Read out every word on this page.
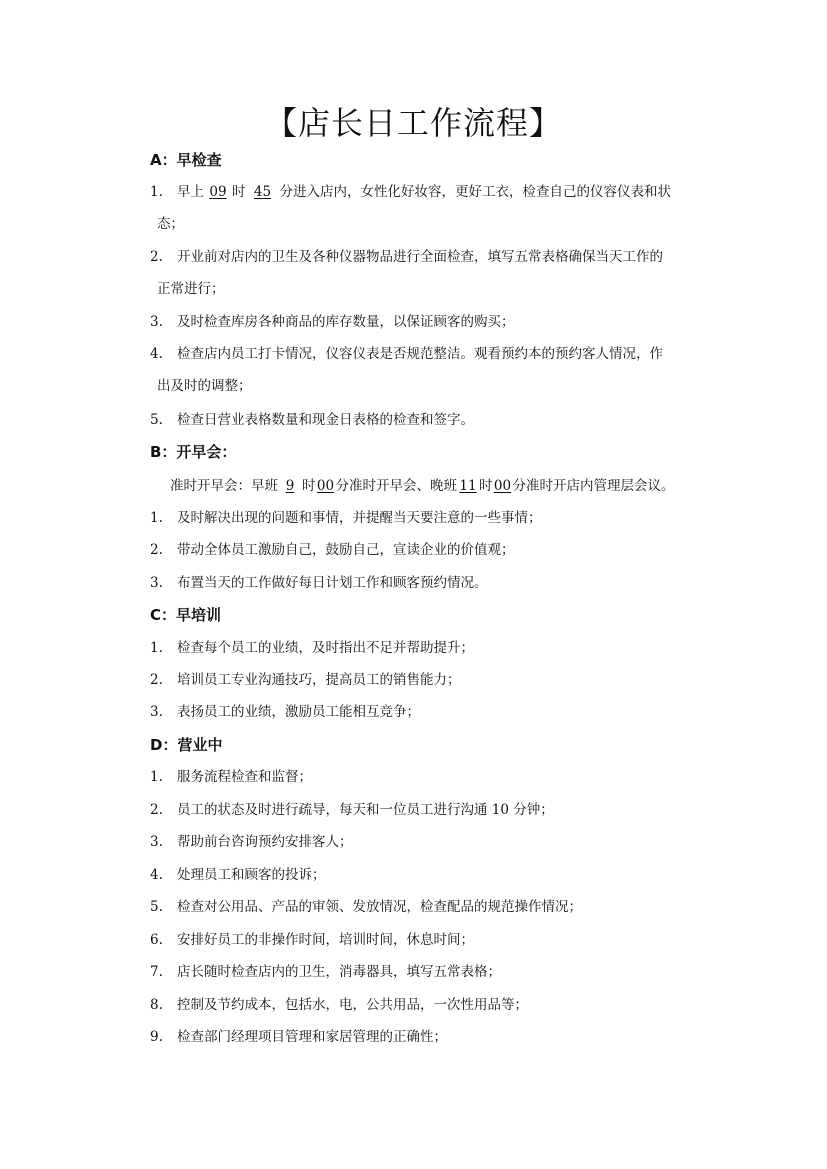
【店长日工作流程】
A：早检查
1. 早上 09 时 45 分进入店内，女性化好妆容，更好工衣，检查自己的仪容仪表和状
态；
2. 开业前对店内的卫生及各种仪器物品进行全面检查，填写五常表格确保当天工作的
正常进行；
3. 及时检查库房各种商品的库存数量，以保证顾客的购买；
4. 检查店内员工打卡情况，仪容仪表是否规范整洁。观看预约本的预约客人情况，作
出及时的调整；
5. 检查日营业表格数量和现金日表格的检查和签字。
B：开早会：
准时开早会：早班 9 时00分准时开早会、晚班 11 时00分准时开店内管理层会议。
1. 及时解决出现的问题和事情，并提醒当天要注意的一些事情；
2. 带动全体员工激励自己，鼓励自己，宣读企业的价值观；
3. 布置当天的工作做好每日计划工作和顾客预约情况。
C：早培训
1. 检查每个员工的业绩，及时指出不足并帮助提升；
2. 培训员工专业沟通技巧，提高员工的销售能力；
3. 表扬员工的业绩，激励员工能相互竞争；
D：营业中
1. 服务流程检查和监督；
2. 员工的状态及时进行疏导，每天和一位员工进行沟通 10 分钟；
3. 帮助前台咨询预约安排客人；
4. 处理员工和顾客的投诉；
5. 检查对公用品、产品的审领、发放情况，检查配品的规范操作情况；
6. 安排好员工的非操作时间，培训时间，休息时间；
7. 店长随时检查店内的卫生，消毒器具，填写五常表格；
8. 控制及节约成本，包括水，电，公共用品，一次性用品等；
9. 检查部门经理项目管理和家居管理的正确性；
